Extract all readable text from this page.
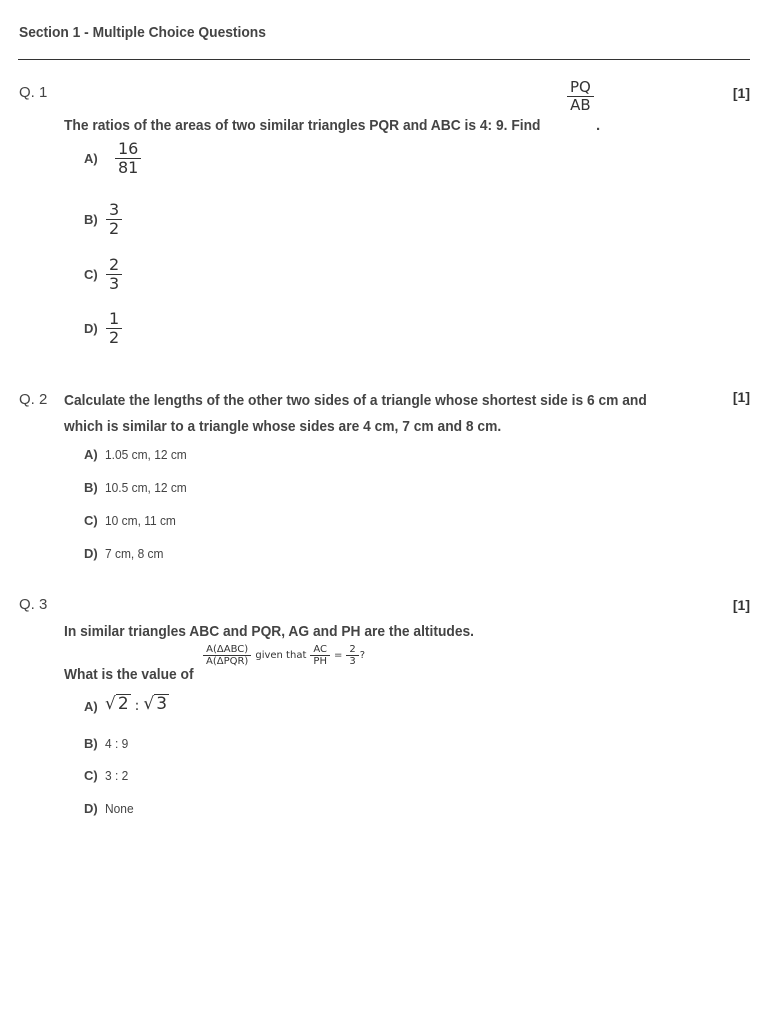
Section 1 - Multiple Choice Questions
Q. 1	[1]
PQ
AB
The ratios of the areas of two similar triangles PQR and ABC is 4: 9. Find	.
A)	$\frac{16}{81}$
$B) \frac{3}{2}$
$C) \frac{2}{3}$
$D) \frac{1}{2}$
Q. 2	[1]
Calculate the lengths of the other two sides of a triangle whose shortest side is 6 cm and
which is similar to a triangle whose sides are 4 cm, 7 cm and 8 cm.
A) 1.05 cm, 12 cm
B) 10.5 cm, 12 cm
C) 10 cm, 11 cm
D) 7 cm, 8 cm
Q. 3	[1]
In similar triangles ABC and PQR, AG and PH are the altitudes.
What is the value of
$\frac{\text{A(ΔABC)}}{\text{A(ΔPQR)}}$ given that $\frac{AC}{PH} = \frac{2}{3}$ ?
A) √ 2 : √ 3
B) 4 : 9
C) 3 : 2
D) None
